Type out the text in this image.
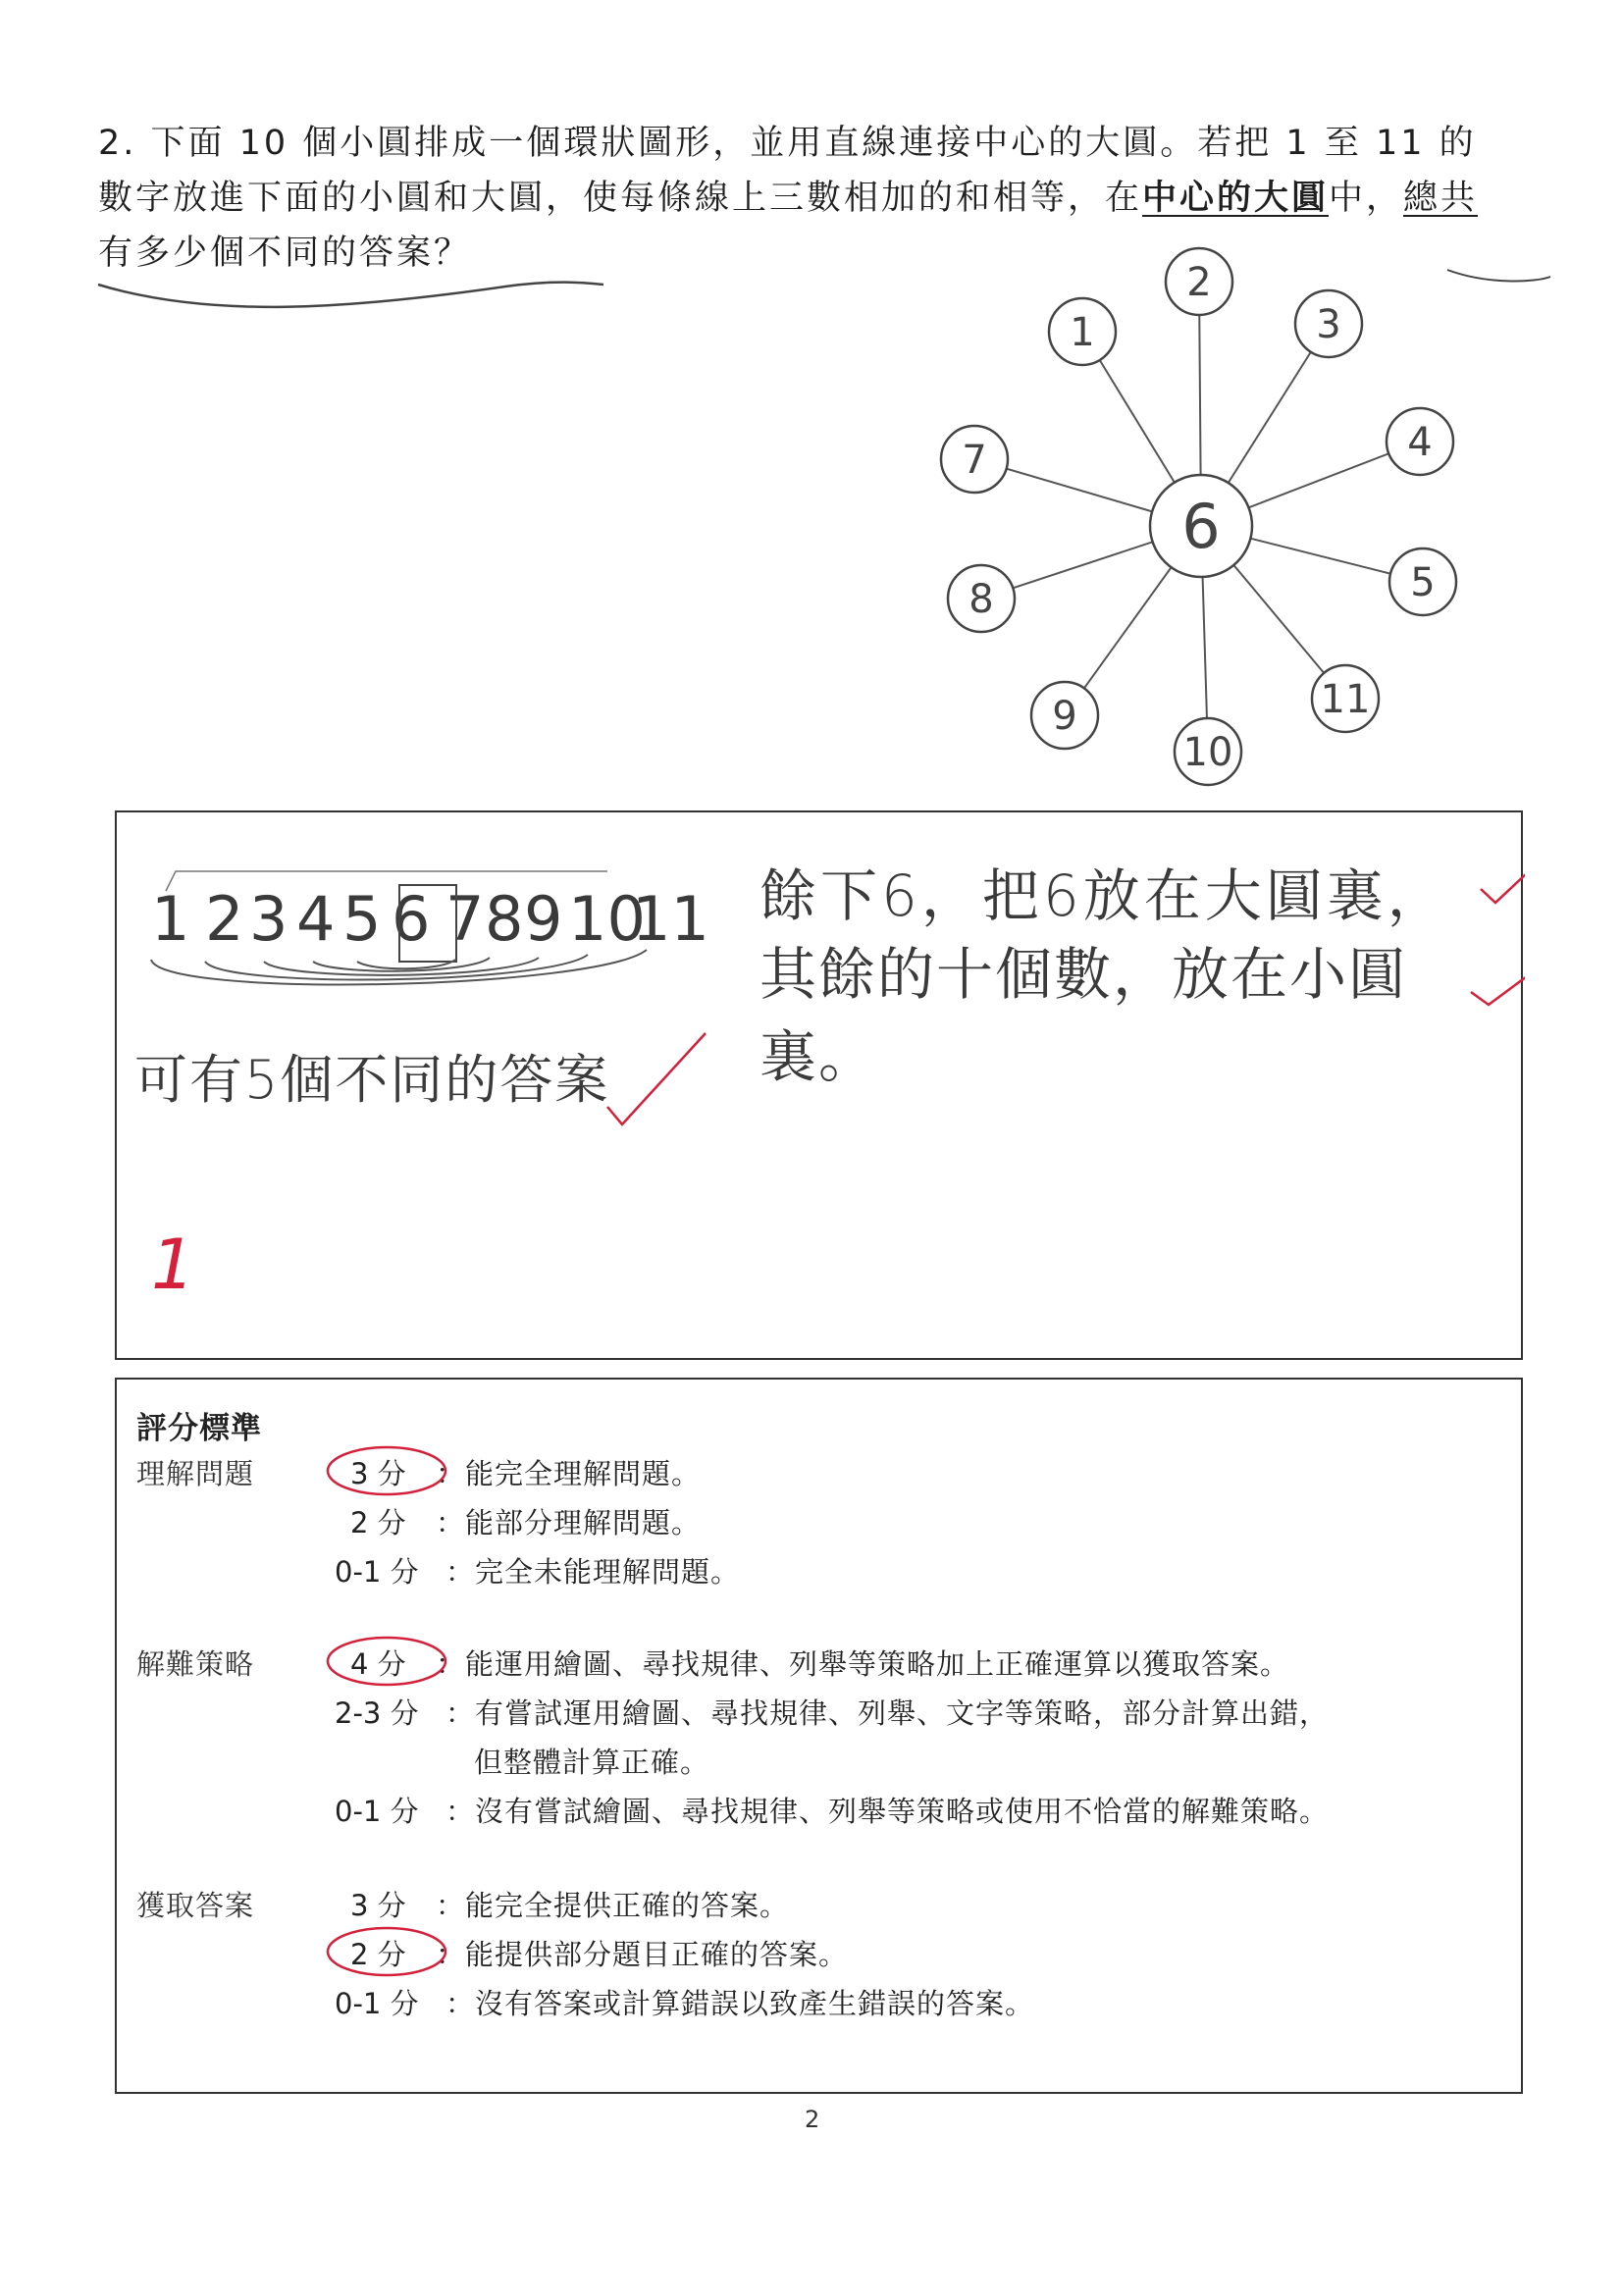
2. 下面 10 個小圓排成一個環狀圖形，並用直線連接中心的大圓。若把 1 至 11 的
數字放進下面的小圓和大圓，使每條線上三數相加的和相等，在中心的大圓中，總共
有多少個不同的答案？
6
2
1	3
4
5
11
10
9
8
7
1 2 3 4 5 6 7 8 9 10
11 餘下6，把6放在大圓裏，
其餘的十個數，放在小圓裏。
可有5個不同的答案
1
評分標準
理解問題	3 分 ：能完全理解問題。
2 分 ：能部分理解問題。
0-1 分 ：完全未能理解問題。
解難策略	4 分 ：能運用繪圖、尋找規律、列舉等策略加上正確運算以獲取答案。
2-3 分 ：有嘗試運用繪圖、尋找規律、列舉、文字等策略，部分計算出錯，
但整體計算正確。
0-1 分 ：沒有嘗試繪圖、尋找規律、列舉等策略或使用不恰當的解難策略。
獲取答案	3 分 ：能完全提供正確的答案。
2 分 ：能提供部分題目正確的答案。
0-1 分 ：沒有答案或計算錯誤以致產生錯誤的答案。
2
